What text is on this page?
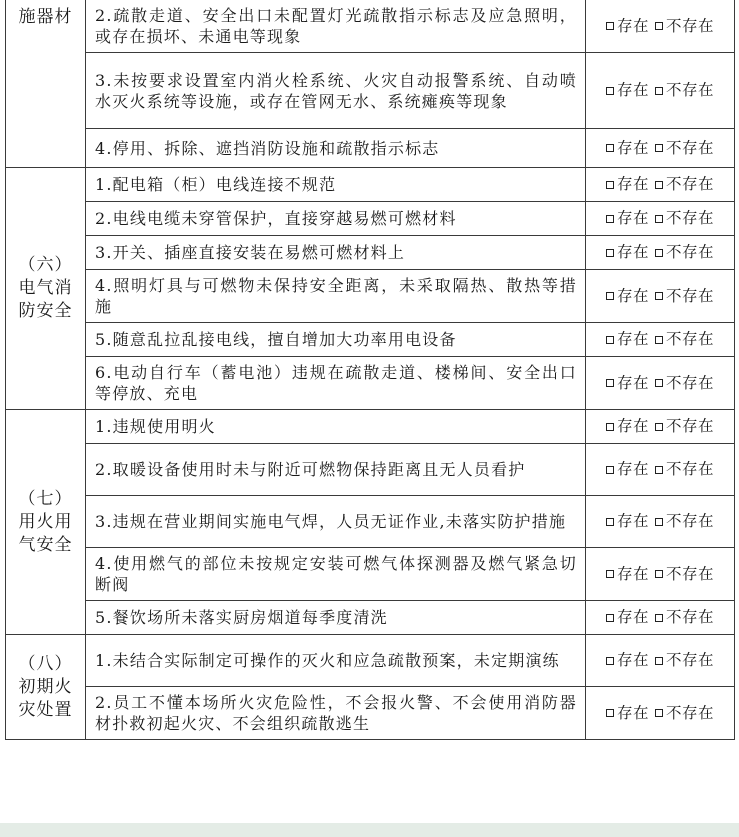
施器材	2.疏散走道、安全出口未配置灯光疏散指示标志及应急照明，或存在损坏、未通电等现象	存在 不存在

	3.未按要求设置室内消火栓系统、火灾自动报警系统、自动喷水灭火系统等设施，或存在管网无水、系统瘫痪等现象	存在 不存在

	4.停用、拆除、遮挡消防设施和疏散指示标志	存在 不存在

（六）
电气消
防安全	1.配电箱（柜）电线连接不规范	存在 不存在

	2.电线电缆未穿管保护，直接穿越易燃可燃材料	存在 不存在

	3.开关、插座直接安装在易燃可燃材料上	存在 不存在

	4.照明灯具与可燃物未保持安全距离，未采取隔热、散热等措施	存在 不存在

	5.随意乱拉乱接电线，擅自增加大功率用电设备	存在 不存在

	6.电动自行车（蓄电池）违规在疏散走道、楼梯间、安全出口等停放、充电	存在 不存在

（七）
用火用
气安全	1.违规使用明火	存在 不存在

	2.取暖设备使用时未与附近可燃物保持距离且无人员看护	存在 不存在

	3.违规在营业期间实施电气焊，人员无证作业,未落实防护措施	存在 不存在

	4.使用燃气的部位未按规定安装可燃气体探测器及燃气紧急切断阀	存在 不存在

	5.餐饮场所未落实厨房烟道每季度清洗	存在 不存在

（八）
初期火
灾处置	1.未结合实际制定可操作的灭火和应急疏散预案，未定期演练	存在 不存在

	2.员工不懂本场所火灾危险性，不会报火警、不会使用消防器材扑救初起火灾、不会组织疏散逃生	存在 不存在
